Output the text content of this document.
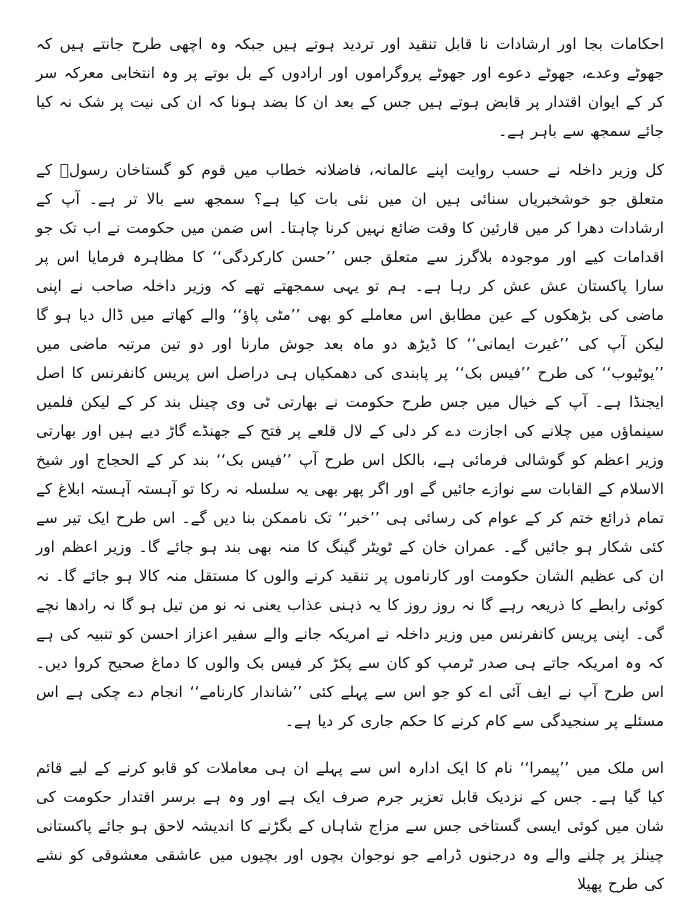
احکامات بجا اور ارشادات نا قابل تنقید اور تردید ہوتے ہیں جبکہ وہ اچھی طرح جانتے ہیں کہ جھوٹے وعدے، جھوٹے دعوے اور جھوٹے پروگراموں اور ارادوں کے بل بوتے پر وہ انتخابی معرکہ سر کر کے ایوان اقتدار پر قابض ہوتے ہیں جس کے بعد ان کا بضد ہونا کہ ان کی نیت پر شک نہ کیا جائے سمجھ سے باہر ہے۔

کل وزیر داخلہ نے حسب روایت اپنے عالمانہ، فاضلانہ خطاب میں قوم کو گستاخان رسولؐ کے متعلق جو خوشخبریاں سنائی ہیں ان میں نئی بات کیا ہے؟ سمجھ سے بالا تر ہے۔ آپ کے ارشادات دھرا کر میں قارئین کا وقت ضائع نہیں کرنا چاہتا۔ اس ضمن میں حکومت نے اب تک جو اقدامات کیے اور موجودہ بلاگرز سے متعلق جس ’’حسن کارکردگی‘‘ کا مظاہرہ فرمایا اس پر سارا پاکستان عش عش کر رہا ہے۔ ہم تو یہی سمجھتے تھے کہ وزیر داخلہ صاحب نے اپنی ماضی کی بڑھکوں کے عین مطابق اس معاملے کو بھی ’’مٹی پاؤ‘‘ والے کھاتے میں ڈال دیا ہو گا لیکن آپ کی ’’غیرت ایمانی‘‘ کا ڈیڑھ دو ماہ بعد جوش مارنا اور دو تین مرتبہ ماضی میں ’’یوٹیوب‘‘ کی طرح ’’فیس بک‘‘ پر پابندی کی دھمکیاں ہی دراصل اس پریس کانفرنس کا اصل ایجنڈا ہے۔ آپ کے خیال میں جس طرح حکومت نے بھارتی ٹی وی چینل بند کر کے لیکن فلمیں سینماؤں میں چلانے کی اجازت دے کر دلی کے لال قلعے پر فتح کے جھنڈے گاڑ دیے ہیں اور بھارتی وزیر اعظم کو گوشالی فرمائی ہے، بالکل اس طرح آپ ’’فیس بک‘‘ بند کر کے الحجاج اور شیخ الاسلام کے القابات سے نوازے جائیں گے اور اگر پھر بھی یہ سلسلہ نہ رکا تو آہستہ آہستہ ابلاغ کے تمام ذرائع ختم کر کے عوام کی رسائی ہی ’’خبر‘‘ تک ناممکن بنا دیں گے۔ اس طرح ایک تیر سے کئی شکار ہو جائیں گے۔ عمران خان کے ٹویٹر گینگ کا منہ بھی بند ہو جائے گا۔ وزیر اعظم اور ان کی عظیم الشان حکومت اور کارناموں پر تنقید کرنے والوں کا مستقل منہ کالا ہو جائے گا۔ نہ کوئی رابطے کا ذریعہ رہے گا نہ روز روز کا یہ ذہنی عذاب یعنی نہ نو من تیل ہو گا نہ رادھا نچے گی۔ اپنی پریس کانفرنس میں وزیر داخلہ نے امریکہ جانے والے سفیر اعزاز احسن کو تنبیہ کی ہے کہ وہ امریکہ جاتے ہی صدر ٹرمپ کو کان سے پکڑ کر فیس بک والوں کا دماغ صحیح کروا دیں۔ اس طرح آپ نے ایف آئی اے کو جو اس سے پہلے کئی ’’شاندار کارنامے‘‘ انجام دے چکی ہے اس مسئلے پر سنجیدگی سے کام کرنے کا حکم جاری کر دیا ہے۔

اس ملک میں ’’پیمرا‘‘ نام کا ایک ادارہ اس سے پہلے ان ہی معاملات کو قابو کرنے کے لیے قائم کیا گیا ہے۔ جس کے نزدیک قابل تعزیر جرم صرف ایک ہے اور وہ ہے برسر اقتدار حکومت کی شان میں کوئی ایسی گستاخی جس سے مزاج شاہاں کے بگڑنے کا اندیشہ لاحق ہو جائے پاکستانی چینلز پر چلنے والے وہ درجنوں ڈرامے جو نوجوان بچوں اور بچیوں میں عاشقی معشوقی کو نشے کی طرح پھیلا
